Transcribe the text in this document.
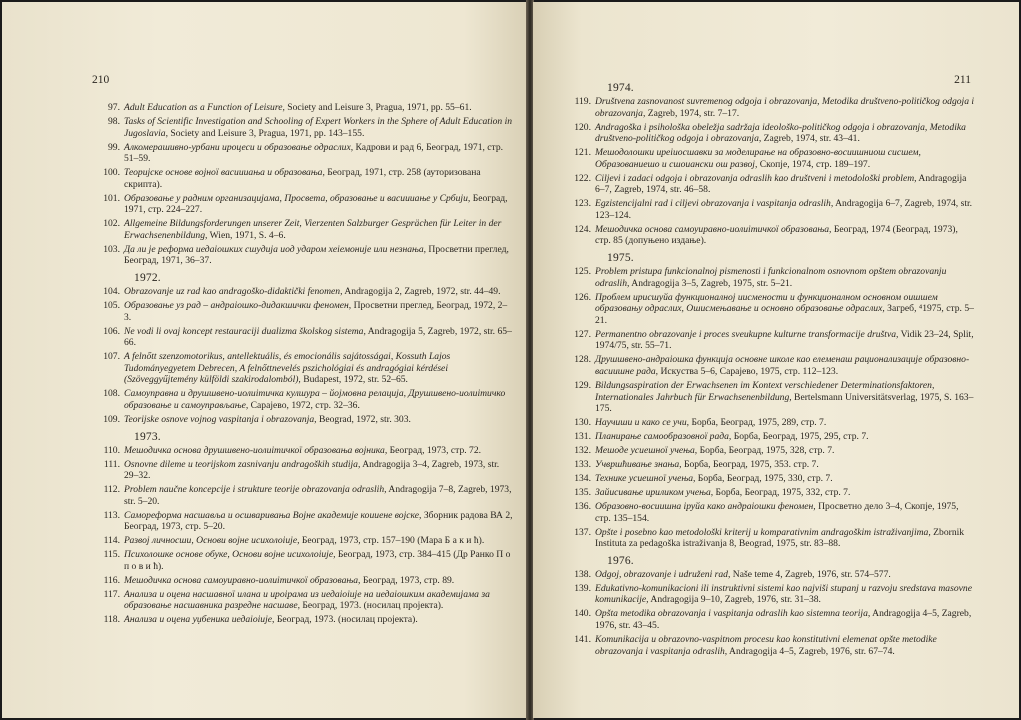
210
97. Adult Education as a Function of Leisure, Society and Leisure 3, Pragua, 1971, pp. 55–61.
98. Tasks of Scientific Investigation and Schooling of Expert Workers in the Sphere of Adult Education in Jugoslavia, Society and Leisure 3, Pragua, 1971, pp. 143–155.
99. Алкомерaшивно-урбани ироцеси и образовање одраслих, Кадрови и рад 6, Београд, 1971, стр. 51–59.
100. Теоријске основе војної васиииања и образовања, Београд, 1971, стр. 258 (ауторизована скрипта).
101. Образовање у радним организацијама, Просвета, образовање и васиииање у Србији, Београд, 1971, стр. 224–227.
102. Allgemeine Bildungsforderungen unserer Zeit, Vierzenten Salzburger Gesprächen für Leiter in der Erwachsenenbildung, Wien, 1971, S. 4–6.
103. Да ли је реформа иедаіошких сшудија иод ударом хеіемоније или незнања, Просветни преглед, Београд, 1971, 36–37.
1972.
104. Obrazovanje uz rad kao andragoško-didaktički fenomen, Andragogija 2, Zagreb, 1972, str. 44–49.
105. Образовање уз рад – андраіошко-дидакшички феномен, Просветни преглед, Београд, 1972, 2–3.
106. Ne vodi li ovaj koncept restauraciji dualizma školskog sistema, Andragogija 5, Zagreb, 1972, str. 65–66.
107. A felnőtt szenzomotorikus, antellektuális, és emocionális sajátosságai, Kossuth Lajos Tudományegyetem Debrecen, A felnőttnevelés pszichológiai és andragógiai kérdései (Szöveggyűjtemény külföldi szakirodalomból), Budapest, 1972, str. 52–65.
108. Самоуправна и друшшвено-иолиiтичка кулшура – йојмовна релација, Друшшвено-иолиiтичко образовање и самоуправљање, Сарајево, 1972, стр. 32–36.
109. Teorijske osnove vojnog vaspitanja i obrazovanja, Beograd, 1972, str. 303.
1973.
110. Мешодичка основа друшшвено-иолиiтичкої образовања војника, Београд, 1973, стр. 72.
111. Osnovne dileme u teorijskom zasnivanju andragoških studija, Andragogija 3–4, Zagreb, 1973, str. 29–32.
112. Problem naučne koncepcije i strukture teorije obrazovanja odraslih, Andragogija 7–8, Zagreb, 1973, str. 5–20.
113. Самореформа насшавља и осшваривања Војне академије коииене војске, Зборник радова ВА 2, Београд, 1973, стр. 5–20.
114. Развој личносши, Основи војне исихолоiије, Београд, 1973, стр. 157–190 (Мара Б а к и ћ).
115. Психолошке основе обуке, Основи војне исихолоiије, Београд, 1973, стр. 384–415 (Др Ранко П о п о в и ћ).
116. Мешодичка основа самоуиравно-иолиiтичкої образовања, Београд, 1973, стр. 89.
117. Анализа и оцена насшавної илана и ироірама из иедаіоiије на иедаіошким академијама за образовање насшавника разредне насшаве, Београд, 1973. (носилац пројекта).
118. Анализа и оцена уџбеника иедаіоiије, Београд, 1973. (носилац пројекта).
211
1974.
119. Društvena zasnovanost suvremenog odgoja i obrazovanja, Metodika društveno-političkog odgoja i obrazovanja, Zagreb, 1974, str. 7–17.
120. Andragoška i psihološka obeležja sadržaja ideološko-političkog odgoja i obrazovanja, Metodika društveno-političkog odgoja i obrazovanja, Zagreb, 1974, str. 43–41.
121. Мешодолошки иреiиосшавки за моделирање на образовно-восиишниош сисшем, Образованиешо и сшоиански ош развој, Скопје, 1974, стр. 189–197.
122. Ciljevi i zadaci odgoja i obrazovanja odraslih kao društveni i metodološki problem, Andragogija 6–7, Zagreb, 1974, str. 46–58.
123. Egzistencijalni rad i ciljevi obrazovanja i vaspitanja odraslih, Andragogija 6–7, Zagreb, 1974, str. 123–124.
124. Мешодичка основа самоуиравно-иолиiтичкої образовања, Београд, 1974 (Београд, 1973), стр. 85 (допуњено издање).
1975.
125. Problem pristupa funkcionalnoj pismenosti i funkcionalnom osnovnom opštem obrazovanju odraslih, Andragogija 3–5, Zagreb, 1975, str. 5–21.
126. Проблем ирисшуйа функционалној иисмености и функционалном основном оишшем образовању одраслих, Ошисмењавање и основно образовање одраслих, Загреб, ⁴1975, стр. 5–21.
127. Permanentno obrazovanje i proces sveukupne kulturne transformacije društva, Vidik 23–24, Split, 1974/75, str. 55–71.
128. Друшшвено-андраіошка функција основне школе као елеменаш рационализације образовно-васиишне рада, Искуства 5–6, Сарајево, 1975, стр. 112–123.
129. Bildungsaspiration der Erwachsenen im Kontext verschiedener Determinationsfaktoren, Internationales Jahrbuch für Erwachsenenbildung, Bertelsmann Universitätsverlag, 1975, S. 163–175.
130. Научиши и како се учи, Борба, Београд, 1975, 289, стр. 7.
131. Планирање самообразовнoї рада, Борба, Београд, 1975, 295, стр. 7.
132. Мешоде усиешної учења, Борба, Београд, 1975, 328, стр. 7.
133. Учвршћивање знања, Борба, Београд, 1975, 353. стр. 7.
134. Технике усиешної учења, Борба, Београд, 1975, 330, стр. 7.
135. Зайисивање ириликом учења, Борба, Београд, 1975, 332, стр. 7.
136. Образовно-восиишна іруйа како андраіошки феномен, Просветно дело 3–4, Скопје, 1975, стр. 135–154.
137. Opšte i posebno kao metodološki kriterij u komparativnim andragoškim istraživanjima, Zbornik Instituta za pedagoška istraživanja 8, Beograd, 1975, str. 83–88.
1976.
138. Odgoj, obrazovanje i udruženi rad, Naše teme 4, Zagreb, 1976, str. 574–577.
139. Edukativno-komunikacioni ili instruktivni sistemi kao najviši stupanj u razvoju sredstava masovne komunikacije, Andragogija 9–10, Zagreb, 1976, str. 31–38.
140. Opšta metodika obrazovanja i vaspitanja odraslih kao sistemna teorija, Andragogija 4–5, Zagreb, 1976, str. 43–45.
141. Komunikacija u obrazovno-vaspitnom procesu kao konstitutivni elemenat opšte metodike obrazovanja i vaspitanja odraslih, Andragogija 4–5, Zagreb, 1976, str. 67–74.
